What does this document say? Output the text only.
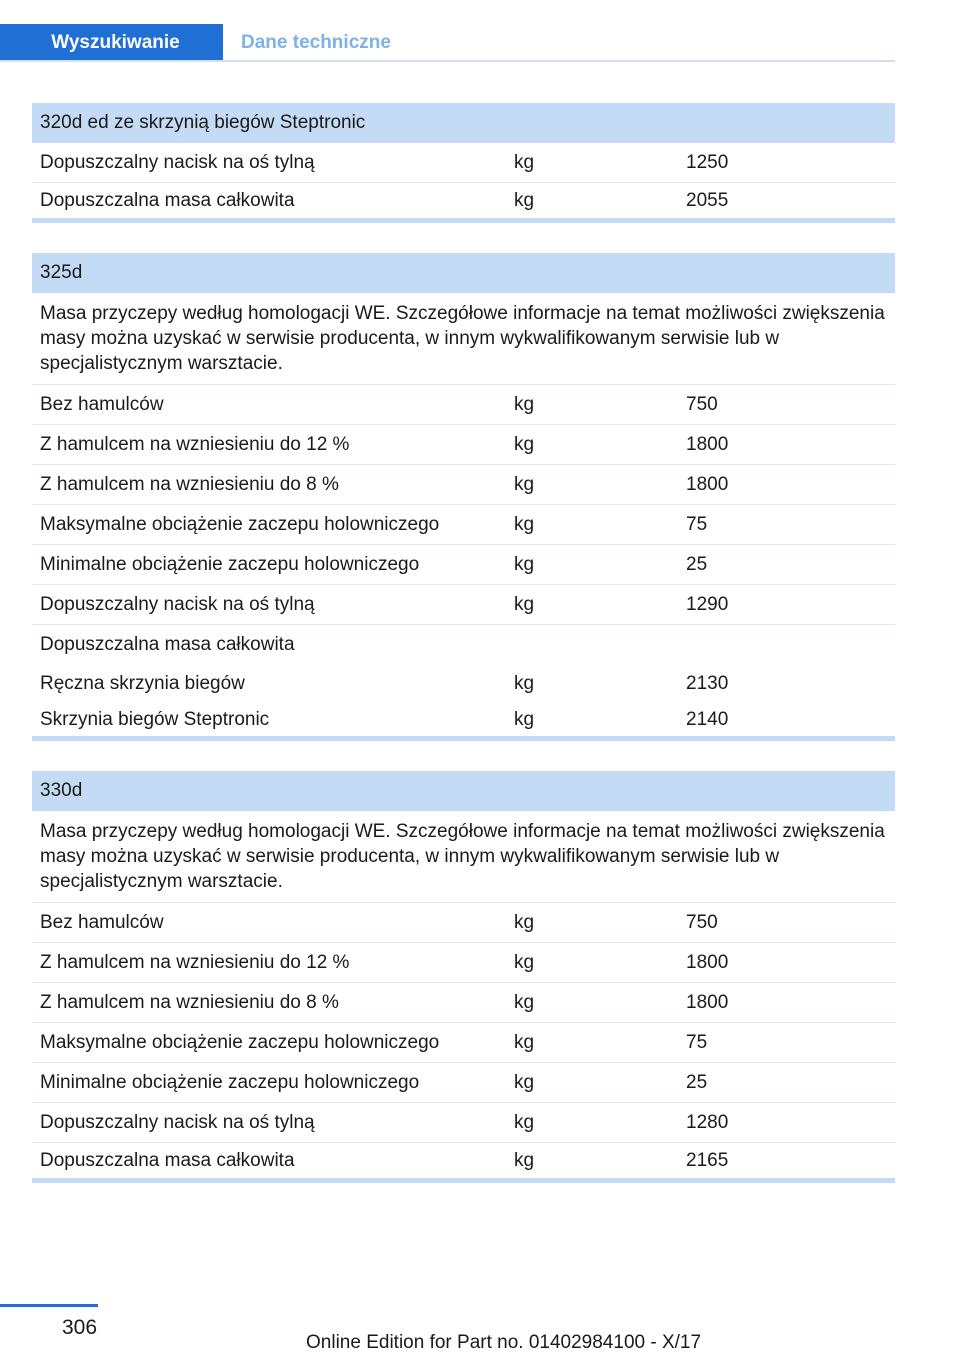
Wyszukiwanie	Dane techniczne
320d ed ze skrzynią biegów Steptronic
Dopuszczalny nacisk na oś tylną	kg	1250
Dopuszczalna masa całkowita	kg	2055
325d
Masa przyczepy według homologacji WE. Szczegółowe informacje na temat możliwości zwiększenia masy można uzyskać w serwisie producenta, w innym wykwalifikowanym serwisie lub w specjalistycznym warsztacie.
Bez hamulców	kg	750
Z hamulcem na wzniesieniu do 12 %	kg	1800
Z hamulcem na wzniesieniu do 8 %	kg	1800
Maksymalne obciążenie zaczepu holowniczego	kg	75
Minimalne obciążenie zaczepu holowniczego	kg	25
Dopuszczalny nacisk na oś tylną	kg	1290
Dopuszczalna masa całkowita
Ręczna skrzynia biegów	kg	2130
Skrzynia biegów Steptronic	kg	2140
330d
Masa przyczepy według homologacji WE. Szczegółowe informacje na temat możliwości zwiększenia masy można uzyskać w serwisie producenta, w innym wykwalifikowanym serwisie lub w specjalistycznym warsztacie.
Bez hamulców	kg	750
Z hamulcem na wzniesieniu do 12 %	kg	1800
Z hamulcem na wzniesieniu do 8 %	kg	1800
Maksymalne obciążenie zaczepu holowniczego	kg	75
Minimalne obciążenie zaczepu holowniczego	kg	25
Dopuszczalny nacisk na oś tylną	kg	1280
Dopuszczalna masa całkowita	kg	2165
306
Online Edition for Part no. 01402984100 - X/17
